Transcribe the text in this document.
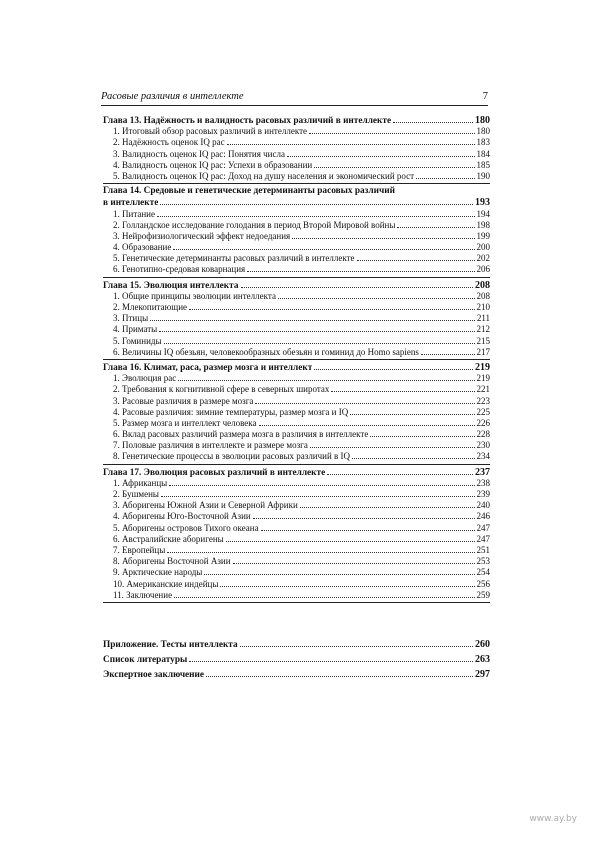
Расовые различия в интеллекте	7
Глава 13. Надёжность и валидность расовых различий в интеллекте	180
1. Итоговый обзор расовых различий в интеллекте	180
2. Надёжность оценок IQ рас	183
3. Валидность оценок IQ рас: Понятия числа	184
4. Валидность оценок IQ рас: Успехи в образовании	185
5. Валидность оценок IQ рас: Доход на душу населения и экономический рост	190
Глава 14. Средовые и генетические детерминанты расовых различий
в интеллекте	193
1. Питание	194
2. Голландское исследование голодания в период Второй Мировой войны	198
3. Нейрофизиологический эффект недоедания	199
4. Образование	200
5. Генетические детерминанты расовых различий в интеллекте	202
6. Генотипно-средовая коварнация	206
Глава 15. Эволюция интеллекта	208
1. Общие принципы эволюции интеллекта	208
2. Млекопитающие	210
3. Птицы	211
4. Приматы	212
5. Гоминиды	215
6. Величины IQ обезьян, человекообразных обезьян и гоминид до Homo sapiens	217
Глава 16. Климат, раса, размер мозга и интеллект	219
1. Эволюция рас	219
2. Требования к когнитивной сфере в северных широтах	221
3. Расовые различия в размере мозга	223
4. Расовые различия: зимние температуры, размер мозга и IQ	225
5. Размер мозга и интеллект человека	226
6. Вклад расовых различий размера мозга в различия в интеллекте	228
7. Половые различия в интеллекте и размере мозга	230
8. Генетические процессы в эволюции расовых различий в IQ	234
Глава 17. Эволюция расовых различий в интеллекте	237
1. Африканцы	238
2. Бушмены	239
3. Аборигены Южной Азии и Северной Африки	240
4. Аборигены Юго-Восточной Азии	246
5. Аборигены островов Тихого океана	247
6. Австралийские аборигены	247
7. Европейцы	251
8. Аборигены Восточной Азии	253
9. Арктические народы	254
10. Американские индейцы	256
11. Заключение	259
Приложение. Тесты интеллекта	260
Список литературы	263
Экспертное заключение	297
www.ay.by
